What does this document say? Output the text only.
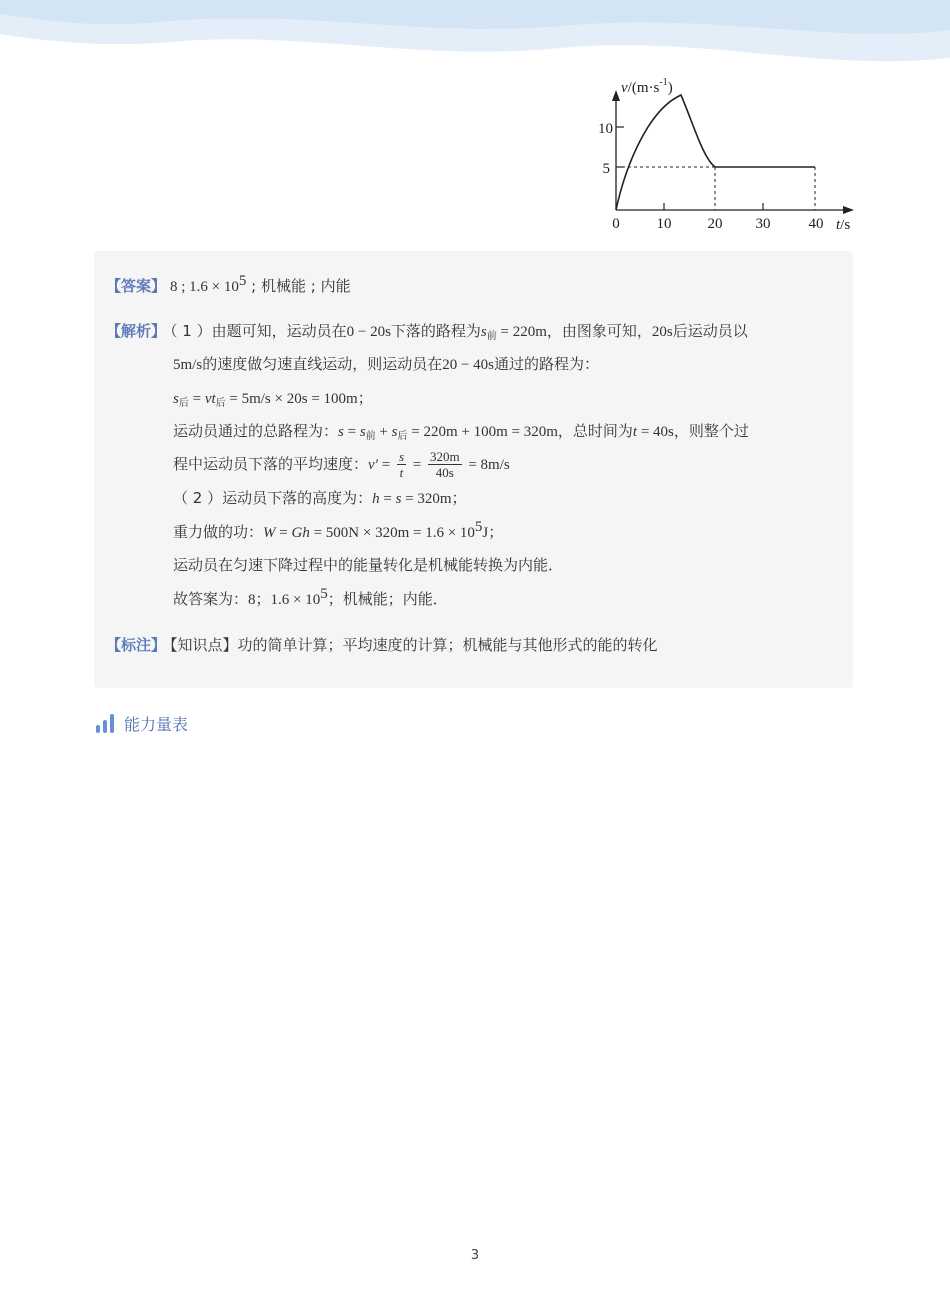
$v/(m\cdot s^{-1})$
10
5
0 10 20 30	40 t/s
【答案】 8 ; $1.6 \times 10^5$ ; 机械能 ; 内能
【解析】 （ 1 ）由题可知，运动员在0 − 20s下落的路程为$s_前 = 220m$，由图象可知，20s后运动员以
5m/s的速度做匀速直线运动，则运动员在20 − 40s通过的路程为：
$s_后 = vt_后 = 5m/s \times 20s = 100m$；
运动员通过的总路程为：$s = s_前 + s_后 = 220m + 100m = 320m$，总时间为t = 40s，则整个过
程中运动员下落的平均速度：$v' = \frac{s}{t} = \frac{320m}{40s} = 8m/s$
（ 2 ）运动员下落的高度为：h = s = 320m；
重力做的功：$W = Gh = 500N \times 320m = 1.6 \times 10^5J$；
运动员在匀速下降过程中的能量转化是机械能转换为内能．
故答案为：8；$1.6 \times 10^5$；机械能；内能．
【标注】 【知识点】功的简单计算；平均速度的计算；机械能与其他形式的能的转化
能力量表
3
